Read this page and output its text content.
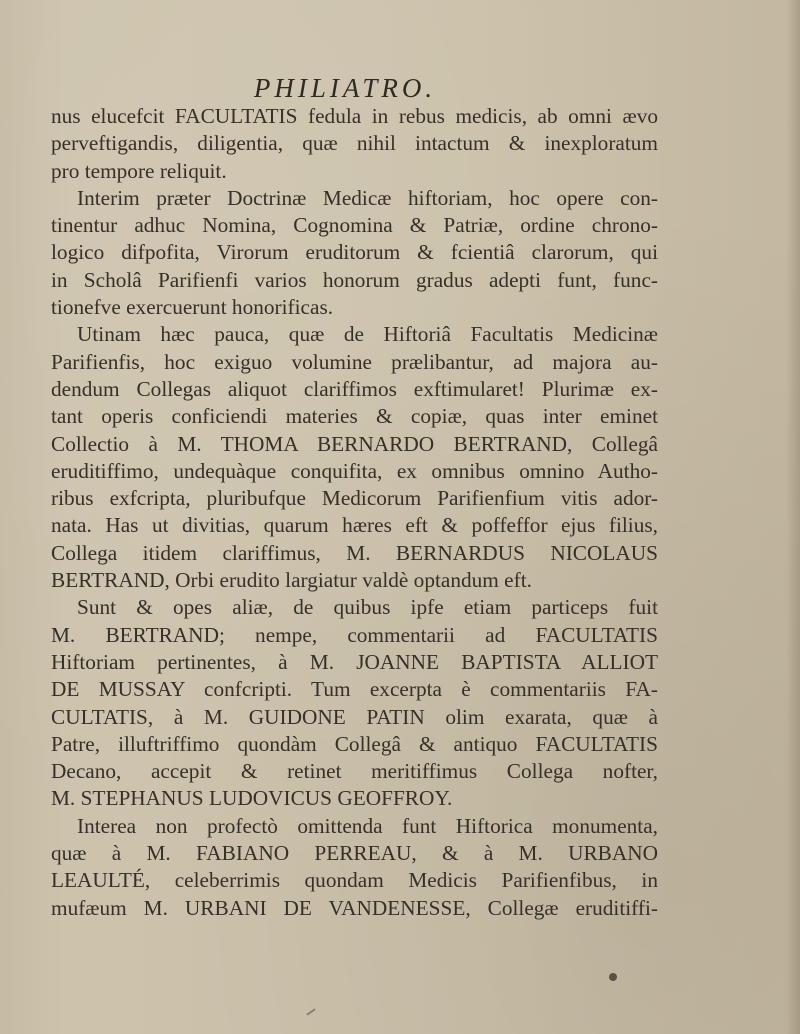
PHILIATRO.
nus elucefcit FACULTATIS fedula in rebus medicis, ab omni ævo
perveftigandis, diligentia, quæ nihil intactum & inexploratum
pro tempore reliquit.
Interim præter Doctrinæ Medicæ hiftoriam, hoc opere con-
tinentur adhuc Nomina, Cognomina & Patriæ, ordine chrono-
logico difpofita, Virorum eruditorum & fcientiâ clarorum, qui
in Scholâ Parifienfi varios honorum gradus adepti funt, func-
tionefve exercuerunt honorificas.
Utinam hæc pauca, quæ de Hiftoriâ Facultatis Medicinæ
Parifienfis, hoc exiguo volumine prælibantur, ad majora au-
dendum Collegas aliquot clariffimos exftimularet! Plurimæ ex-
tant operis conficiendi materies & copiæ, quas inter eminet
Collectio à M. THOMA BERNARDO BERTRAND, Collegâ
eruditiffimo, undequàque conquifita, ex omnibus omnino Autho-
ribus exfcripta, pluribufque Medicorum Parifienfium vitis ador-
nata. Has ut divitias, quarum hæres eft & poffeffor ejus filius,
Collega itidem clariffimus, M. BERNARDUS NICOLAUS
BERTRAND, Orbi erudito largiatur valdè optandum eft.
Sunt & opes aliæ, de quibus ipfe etiam particeps fuit
M. BERTRAND; nempe, commentarii ad FACULTATIS
Hiftoriam pertinentes, à M. JOANNE BAPTISTA ALLIOT
DE MUSSAY confcripti. Tum excerpta è commentariis FA-
CULTATIS, à M. GUIDONE PATIN olim exarata, quæ à
Patre, illuftriffimo quondàm Collegâ & antiquo FACULTATIS
Decano, accepit & retinet meritiffimus Collega nofter,
M. STEPHANUS LUDOVICUS GEOFFROY.
Interea non profectò omittenda funt Hiftorica monumenta,
quæ à M. FABIANO PERREAU, & à M. URBANO
LEAULTÉ, celeberrimis quondam Medicis Parifienfibus, in
mufæum M. URBANI DE VANDENESSE, Collegæ eruditiffi-
